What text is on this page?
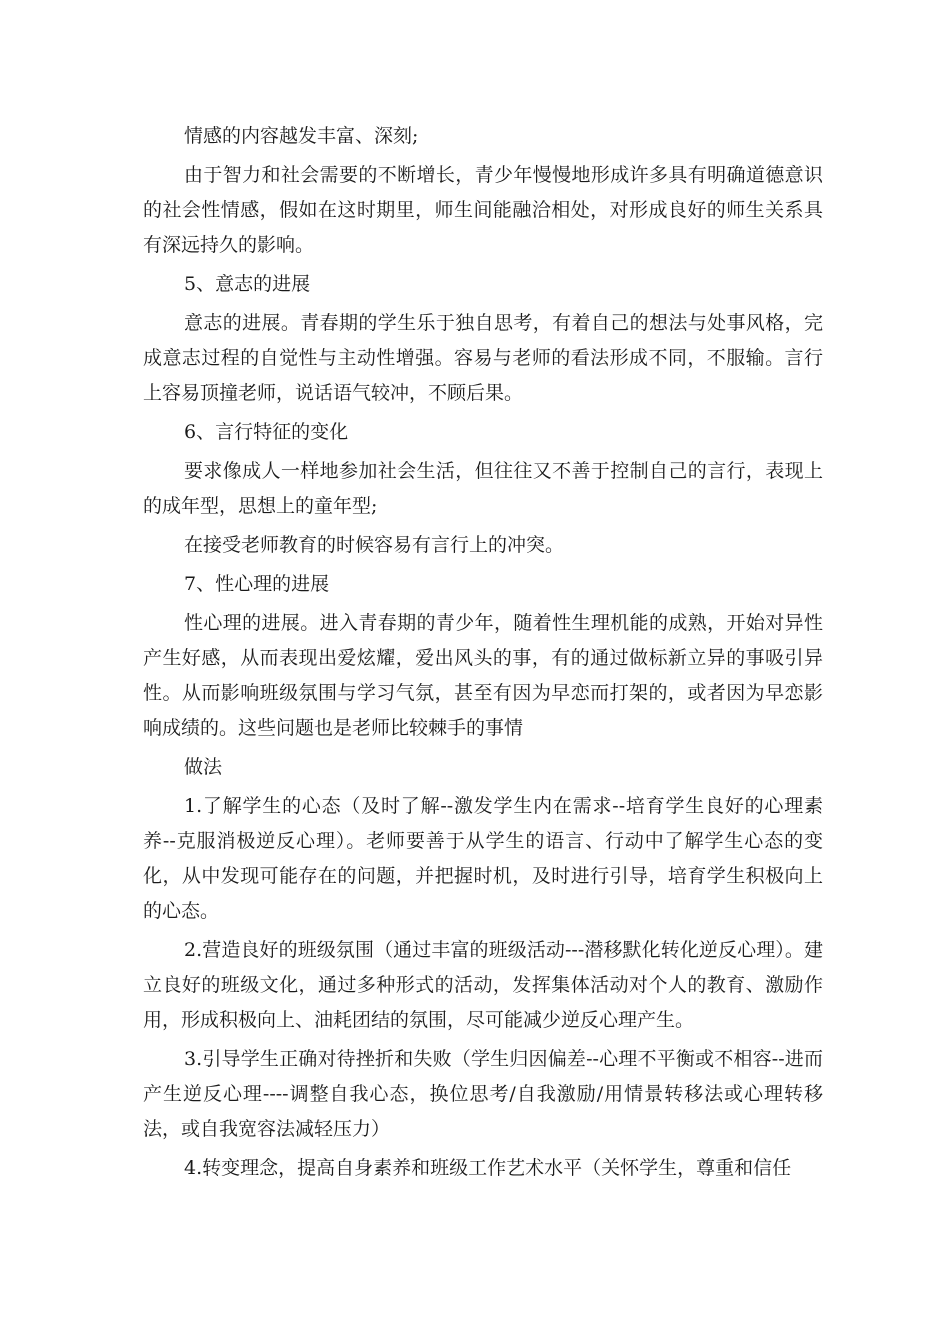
情感的内容越发丰富、深刻;

由于智力和社会需要的不断增长，青少年慢慢地形成许多具有明确道德意识的社会性情感，假如在这时期里，师生间能融洽相处，对形成良好的师生关系具有深远持久的影响。

5、意志的进展

意志的进展。青春期的学生乐于独自思考，有着自己的想法与处事风格，完成意志过程的自觉性与主动性增强。容易与老师的看法形成不同，不服输。言行上容易顶撞老师，说话语气较冲，不顾后果。

6、言行特征的变化

要求像成人一样地参加社会生活，但往往又不善于控制自己的言行，表现上的成年型，思想上的童年型;

在接受老师教育的时候容易有言行上的冲突。

7、性心理的进展

性心理的进展。进入青春期的青少年，随着性生理机能的成熟，开始对异性产生好感，从而表现出爱炫耀，爱出风头的事，有的通过做标新立异的事吸引异性。从而影响班级氛围与学习气氛，甚至有因为早恋而打架的，或者因为早恋影响成绩的。这些问题也是老师比较棘手的事情

做法

1.了解学生的心态（及时了解--激发学生内在需求--培育学生良好的心理素养--克服消极逆反心理）。老师要善于从学生的语言、行动中了解学生心态的变化，从中发现可能存在的问题，并把握时机，及时进行引导，培育学生积极向上的心态。

2.营造良好的班级氛围（通过丰富的班级活动---潜移默化转化逆反心理）。建立良好的班级文化，通过多种形式的活动，发挥集体活动对个人的教育、激励作用，形成积极向上、油耗团结的氛围，尽可能减少逆反心理产生。

3.引导学生正确对待挫折和失败（学生归因偏差--心理不平衡或不相容--进而产生逆反心理----调整自我心态，换位思考/自我激励/用情景转移法或心理转移法，或自我宽容法减轻压力）

4.转变理念，提高自身素养和班级工作艺术水平（关怀学生，尊重和信任
